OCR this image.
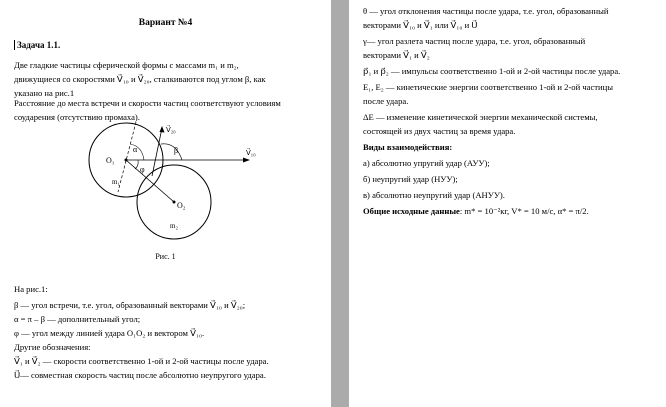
Вариант №4

Задача 1.1.

Две гладкие частицы сферической формы с массами m₁ и m₂,

движущиеся со скоростями V⃗₁₀ и V⃗₂₀, сталкиваются под углом β, как

указано на рис.1

Расстояние до места встречи и скорости частиц соответствуют условиям

соударения (отсутствию промаха).

O₁
O₂
m₁
m₂
α	β
φ
V⃗₂₀
V⃗₁₀

Рис. 1

На рис.1:

β — угол встречи, т.е. угол, образованный векторами V⃗₁₀ и V⃗₂₀;

α = π – β — дополнительный угол;

φ — угол между линией удара O₁O₂ и вектором V⃗₁₀.

Другие обозначения:

V⃗₁ и V⃗₂ — скорости соответственно 1-ой и 2-ой частицы после удара.

U⃗— совместная скорость частиц после абсолютно неупругого удара.

θ — угол отклонения частицы после удара, т.е. угол, образованный

векторами V⃗₁₀ и V⃗₁ или V⃗₁₀ и U⃗

γ— угол разлета частиц после удара, т.е. угол, образованный

векторами V⃗₁ и V⃗₂

p⃗₁ и p⃗₂ — импульсы соответственно 1-ой и 2-ой частицы после удара.

E₁, E₂ — кинетические энергии соответственно 1-ой и 2-ой частицы

после удара.

ΔE — изменение кинетической энергии механической системы,

состоящей из двух частиц за время удара.

Виды взаимодействия:

а) абсолютно упругий удар (АУУ);

б) неупругий удар (НУУ);

в) абсолютно неупругий удар (АНУУ).

Общие исходные данные: m* = 10⁻²кг, V* = 10 м/с, α* = π/2.
